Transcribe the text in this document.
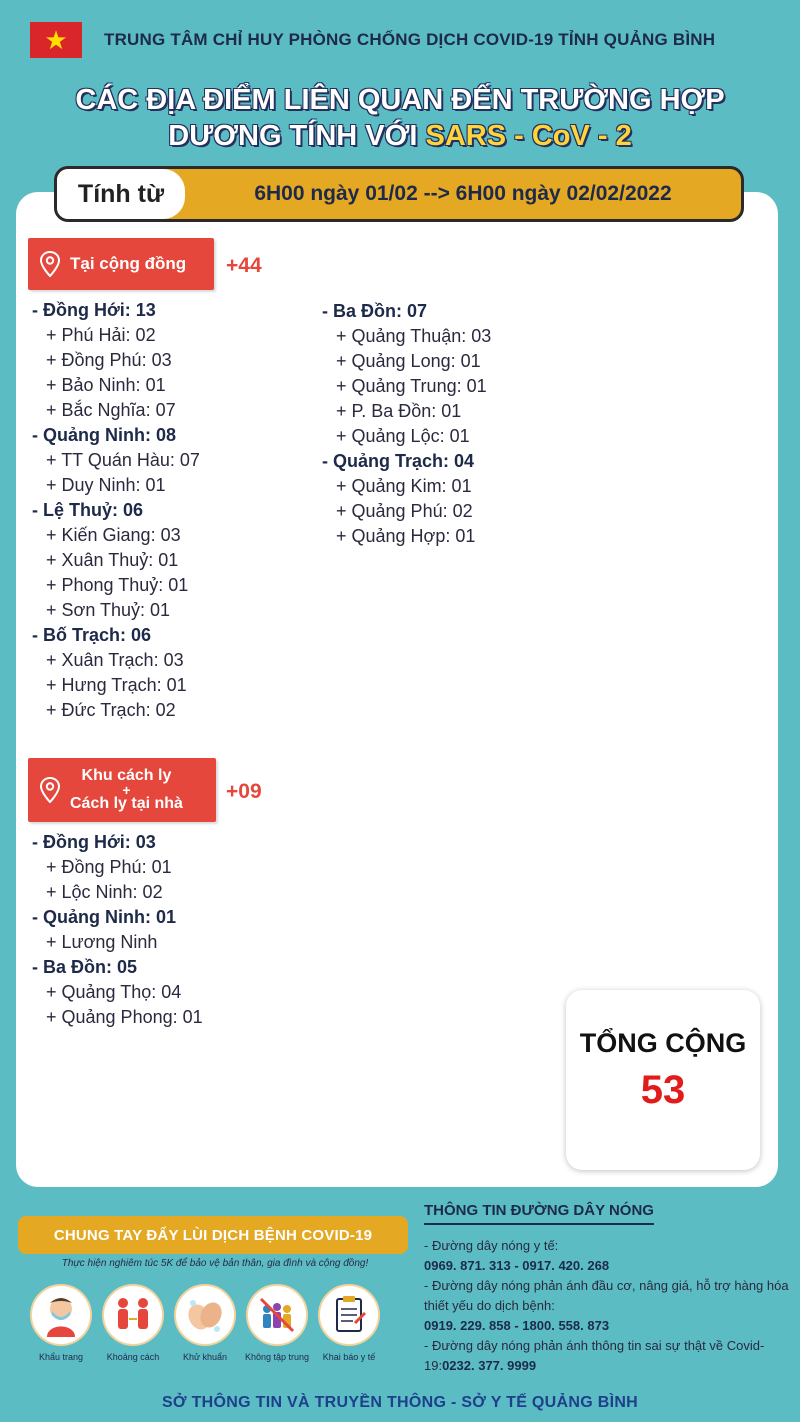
★ TRUNG TÂM CHỈ HUY PHÒNG CHỐNG DỊCH COVID-19 TỈNH QUẢNG BÌNH
CÁC ĐỊA ĐIỂM LIÊN QUAN ĐẾN TRƯỜNG HỢP
DƯƠNG TÍNH VỚI SARS - CoV - 2
Tính từ	6H00 ngày 01/02 --> 6H00 ngày 02/02/2022
Tại cộng đồng +44
- Đồng Hới: 13
+ Phú Hải: 02
+ Đồng Phú: 03
+ Bảo Ninh: 01
+ Bắc Nghĩa: 07
- Quảng Ninh: 08
+ TT Quán Hàu: 07
+ Duy Ninh: 01
- Lệ Thuỷ: 06
+ Kiến Giang: 03
+ Xuân Thuỷ: 01
+ Phong Thuỷ: 01
+ Sơn Thuỷ: 01
- Bố Trạch: 06
+ Xuân Trạch: 03
+ Hưng Trạch: 01
+ Đức Trạch: 02
- Ba Đồn: 07
+ Quảng Thuận: 03
+ Quảng Long: 01
+ Quảng Trung: 01
+ P. Ba Đồn: 01
+ Quảng Lộc: 01
- Quảng Trạch: 04
+ Quảng Kim: 01
+ Quảng Phú: 02
+ Quảng Hợp: 01
Khu cách ly
+
Cách ly tại nhà
+09
- Đồng Hới: 03
+ Đồng Phú: 01
+ Lộc Ninh: 02
- Quảng Ninh: 01
+ Lương Ninh
- Ba Đồn: 05
+ Quảng Thọ: 04
+ Quảng Phong: 01
TỔNG CỘNG
53
CHUNG TAY ĐẨY LÙI DỊCH BỆNH COVID-19
Thực hiện nghiêm túc 5K để bảo vệ bản thân, gia đình và cộng đồng!
Khẩu trang	Khoảng cách	Khử khuẩn	Không tập trung	Khai báo y tế
THÔNG TIN ĐƯỜNG DÂY NÓNG
- Đường dây nóng y tế:
0969. 871. 313 - 0917. 420. 268
- Đường dây nóng phản ánh đầu cơ, nâng giá, hỗ trợ hàng hóa thiết yếu do dịch bệnh:
0919. 229. 858 - 1800. 558. 873
- Đường dây nóng phản ánh thông tin sai sự thật về Covid-19:0232. 377. 9999
SỞ THÔNG TIN VÀ TRUYỀN THÔNG - SỞ Y TẾ QUẢNG BÌNH
